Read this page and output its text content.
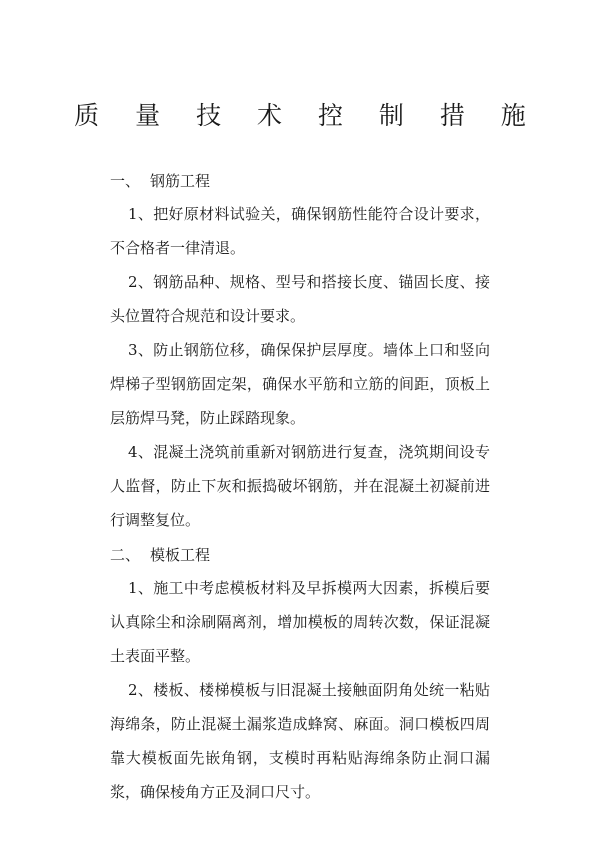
质 量 技 术 控 制 措 施
一、 钢筋工程

1、把好原材料试验关，确保钢筋性能符合设计要求，不合格者一律清退。

2、钢筋品种、规格、型号和搭接长度、锚固长度、接头位置符合规范和设计要求。

3、防止钢筋位移，确保保护层厚度。墙体上口和竖向焊梯子型钢筋固定架，确保水平筋和立筋的间距，顶板上层筋焊马凳，防止踩踏现象。

4、混凝土浇筑前重新对钢筋进行复查，浇筑期间设专人监督，防止下灰和振捣破坏钢筋，并在混凝土初凝前进行调整复位。

二、 模板工程

1、施工中考虑模板材料及早拆模两大因素，拆模后要认真除尘和涂刷隔离剂，增加模板的周转次数，保证混凝土表面平整。

2、楼板、楼梯模板与旧混凝土接触面阴角处统一粘贴海绵条，防止混凝土漏浆造成蜂窝、麻面。洞口模板四周靠大模板面先嵌角钢，支模时再粘贴海绵条防止洞口漏浆，确保棱角方正及洞口尺寸。
